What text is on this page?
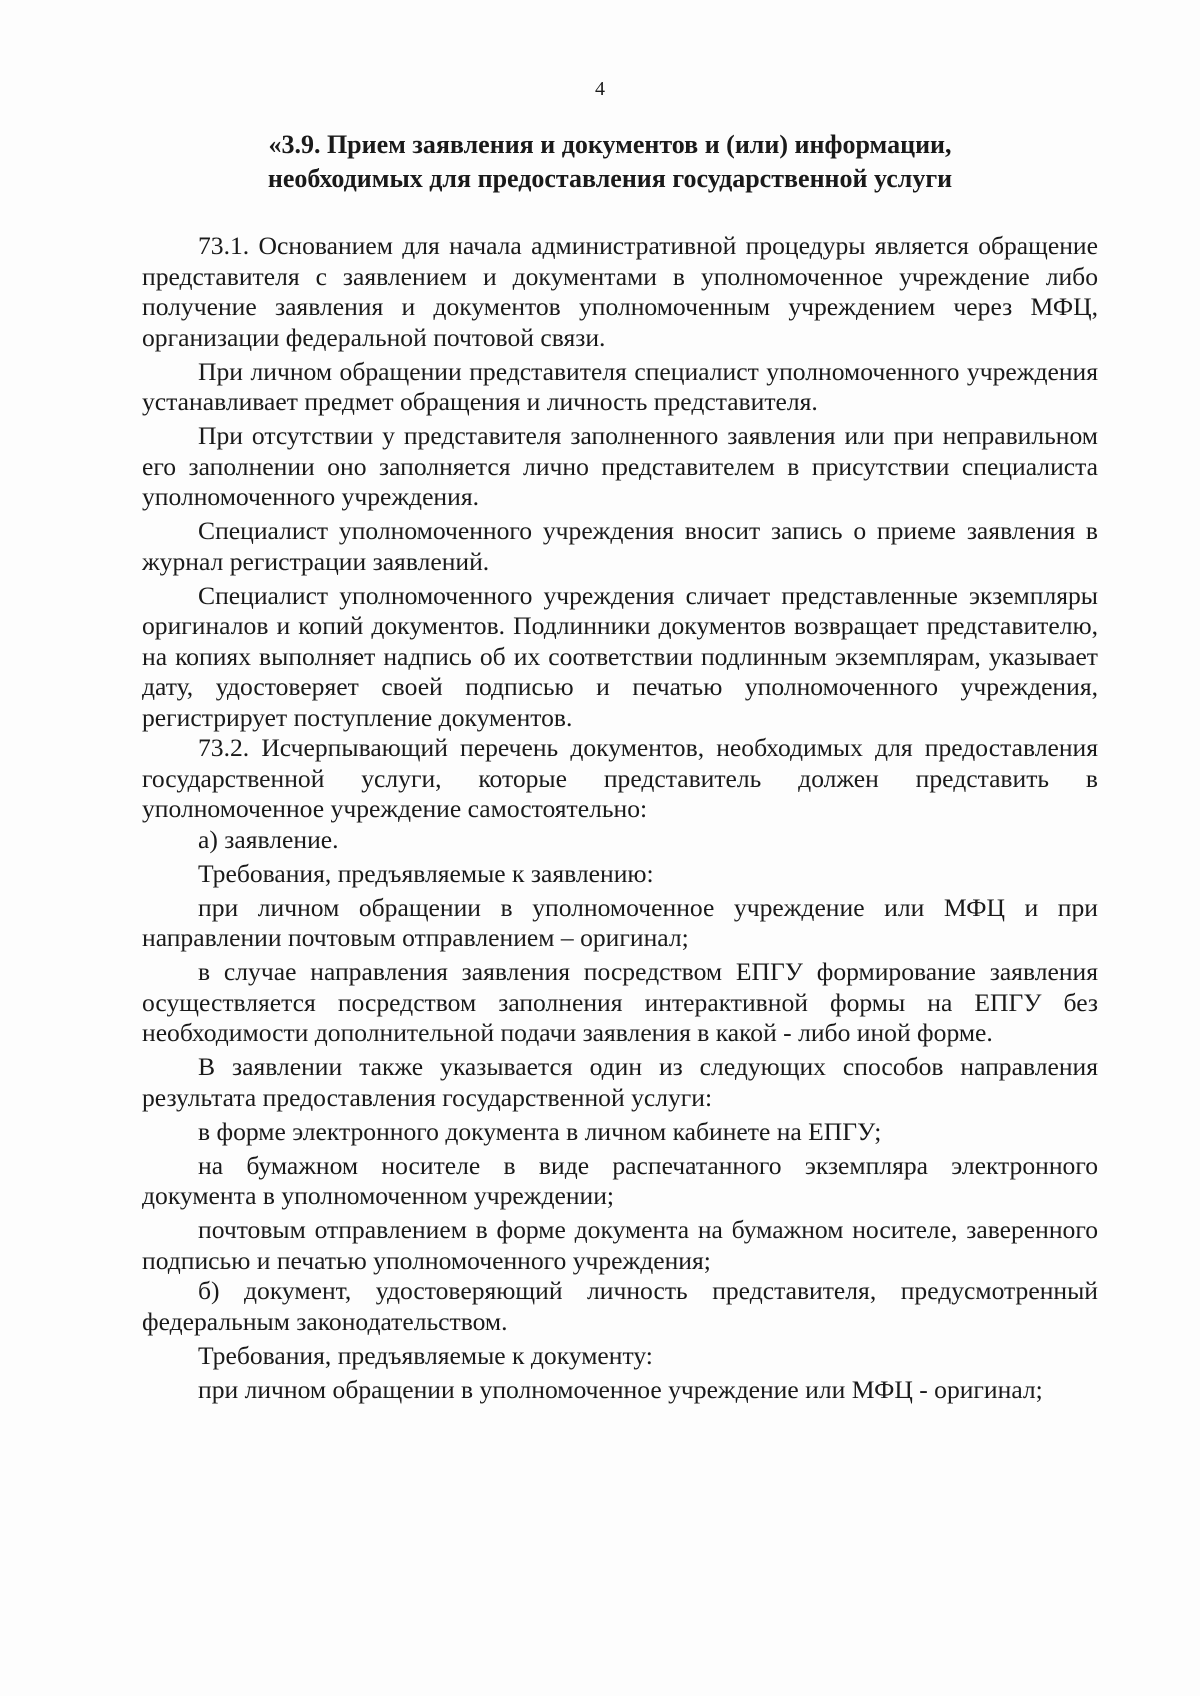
4
«3.9. Прием заявления и документов и (или) информации,
необходимых для предоставления государственной услуги

73.1. Основанием для начала административной процедуры является обращение представителя с заявлением и документами в уполномоченное учреждение либо получение заявления и документов уполномоченным учреждением через МФЦ, организации федеральной почтовой связи.

При личном обращении представителя специалист уполномоченного учреждения устанавливает предмет обращения и личность представителя.

При отсутствии у представителя заполненного заявления или при неправильном его заполнении оно заполняется лично представителем в присутствии специалиста уполномоченного учреждения.

Специалист уполномоченного учреждения вносит запись о приеме заявления в журнал регистрации заявлений.

Специалист уполномоченного учреждения сличает представленные экземпляры оригиналов и копий документов. Подлинники документов возвращает представителю, на копиях выполняет надпись об их соответствии подлинным экземплярам, указывает дату, удостоверяет своей подписью и печатью уполномоченного учреждения, регистрирует поступление документов.

73.2. Исчерпывающий перечень документов, необходимых для предоставления государственной услуги, которые представитель должен представить в уполномоченное учреждение самостоятельно:

а) заявление.

Требования, предъявляемые к заявлению:

при личном обращении в уполномоченное учреждение или МФЦ и при направлении почтовым отправлением – оригинал;

в случае направления заявления посредством ЕПГУ формирование заявления осуществляется посредством заполнения интерактивной формы на ЕПГУ без необходимости дополнительной подачи заявления в какой - либо иной форме.

В заявлении также указывается один из следующих способов направления результата предоставления государственной услуги:

в форме электронного документа в личном кабинете на ЕПГУ;

на бумажном носителе в виде распечатанного экземпляра электронного документа в уполномоченном учреждении;

почтовым отправлением в форме документа на бумажном носителе, заверенного подписью и печатью уполномоченного учреждения;

б) документ, удостоверяющий личность представителя, предусмотренный федеральным законодательством.

Требования, предъявляемые к документу:

при личном обращении в уполномоченное учреждение или МФЦ - оригинал;
